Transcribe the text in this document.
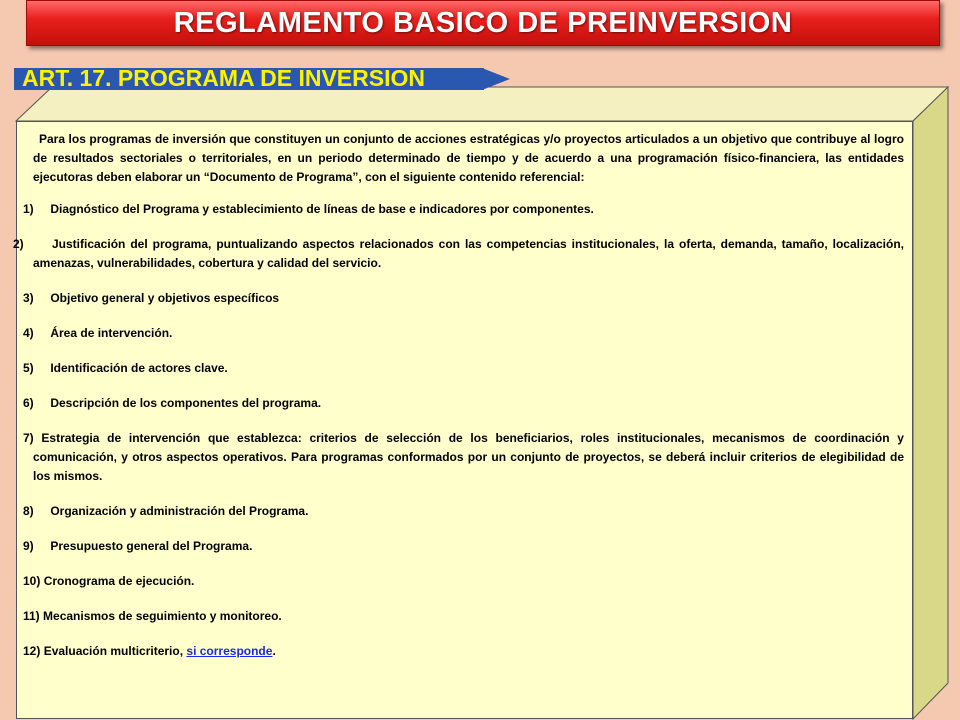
REGLAMENTO BASICO DE PREINVERSION
ART. 17. PROGRAMA DE INVERSION

Para los programas de inversión que constituyen un conjunto de acciones estratégicas y/o proyectos articulados a un objetivo que contribuye al logro de resultados sectoriales o territoriales, en un periodo determinado de tiempo y de acuerdo a una programación físico-financiera, las entidades ejecutoras deben elaborar un “Documento de Programa”, con el siguiente contenido referencial:

1) Diagnóstico del Programa y establecimiento de líneas de base e indicadores por componentes.
2) Justificación del programa, puntualizando aspectos relacionados con las competencias institucionales, la oferta, demanda, tamaño, localización, amenazas, vulnerabilidades, cobertura y calidad del servicio.
3) Objetivo general y objetivos específicos
4) Área de intervención.
5) Identificación de actores clave.
6) Descripción de los componentes del programa.
7) Estrategia de intervención que establezca: criterios de selección de los beneficiarios, roles institucionales, mecanismos de coordinación y comunicación, y otros aspectos operativos. Para programas conformados por un conjunto de proyectos, se deberá incluir criterios de elegibilidad de los mismos.
8) Organización y administración del Programa.
9) Presupuesto general del Programa.
10) Cronograma de ejecución.
11) Mecanismos de seguimiento y monitoreo.
12) Evaluación multicriterio, si corresponde.
